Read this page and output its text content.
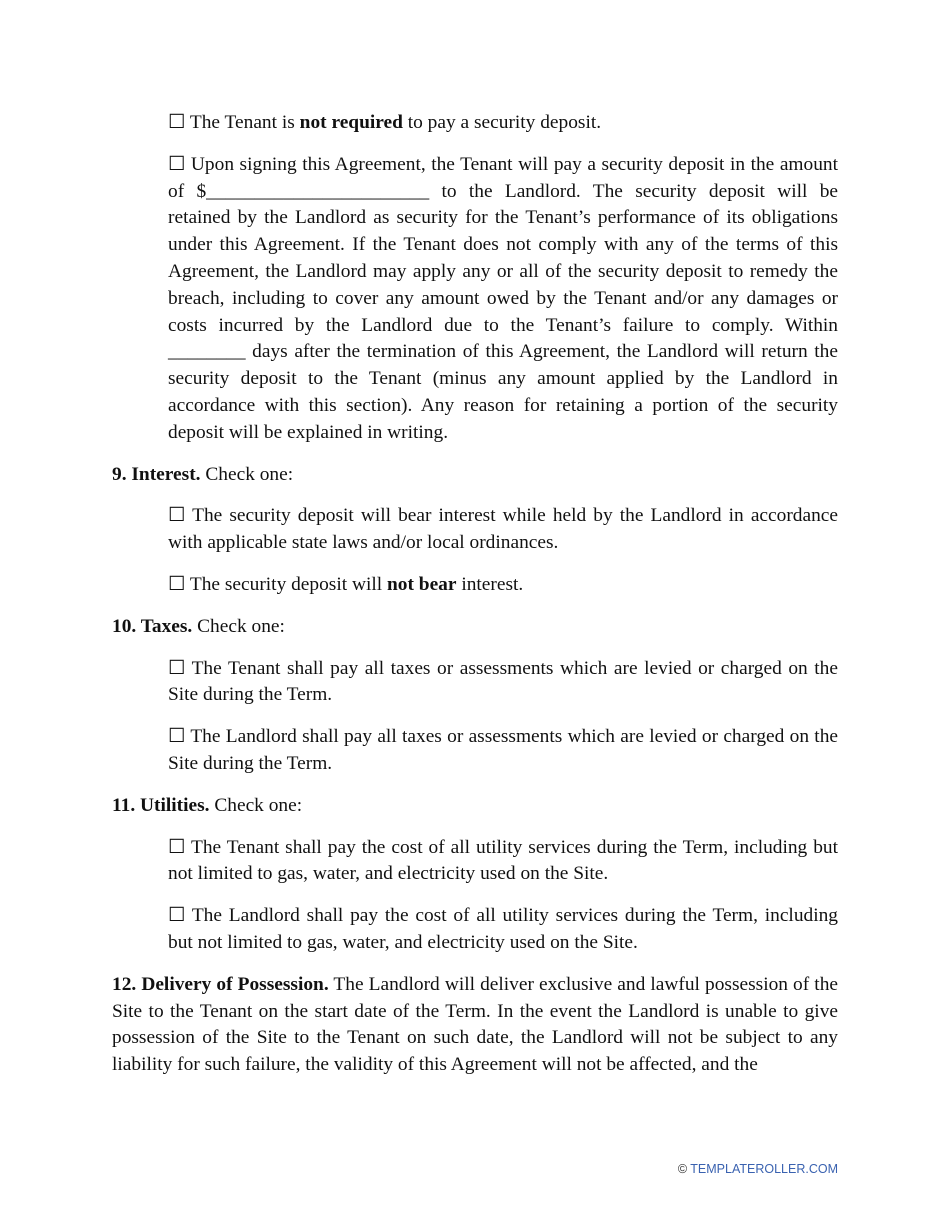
☐ The Tenant is not required to pay a security deposit.

☐ Upon signing this Agreement, the Tenant will pay a security deposit in the amount of $_______________________ to the Landlord. The security deposit will be retained by the Landlord as security for the Tenant’s performance of its obligations under this Agreement. If the Tenant does not comply with any of the terms of this Agreement, the Landlord may apply any or all of the security deposit to remedy the breach, including to cover any amount owed by the Tenant and/or any damages or costs incurred by the Landlord due to the Tenant’s failure to comply. Within ________ days after the termination of this Agreement, the Landlord will return the security deposit to the Tenant (minus any amount applied by the Landlord in accordance with this section). Any reason for retaining a portion of the security deposit will be explained in writing.

9. Interest. Check one:

☐ The security deposit will bear interest while held by the Landlord in accordance with applicable state laws and/or local ordinances.

☐ The security deposit will not bear interest.

10. Taxes. Check one:

☐ The Tenant shall pay all taxes or assessments which are levied or charged on the Site during the Term.

☐ The Landlord shall pay all taxes or assessments which are levied or charged on the Site during the Term.

11. Utilities. Check one:

☐ The Tenant shall pay the cost of all utility services during the Term, including but not limited to gas, water, and electricity used on the Site.

☐ The Landlord shall pay the cost of all utility services during the Term, including but not limited to gas, water, and electricity used on the Site.

12. Delivery of Possession. The Landlord will deliver exclusive and lawful possession of the Site to the Tenant on the start date of the Term. In the event the Landlord is unable to give possession of the Site to the Tenant on such date, the Landlord will not be subject to any liability for such failure, the validity of this Agreement will not be affected, and the

© TEMPLATEROLLER.COM
